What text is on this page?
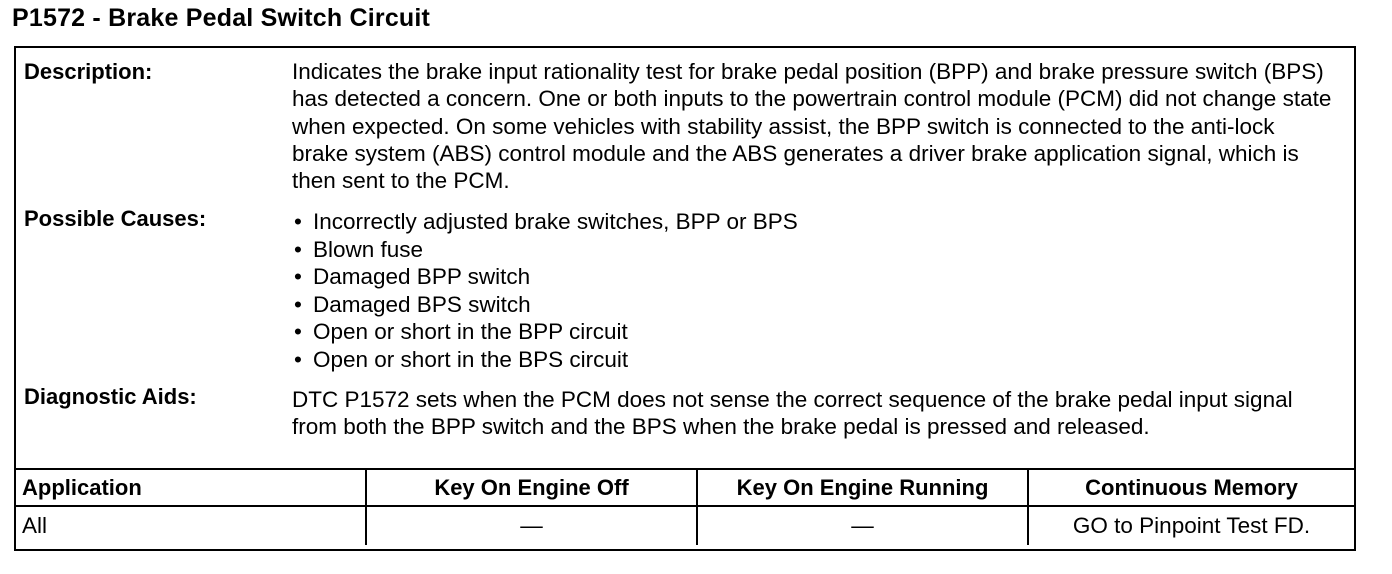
P1572 - Brake Pedal Switch Circuit
Description:	Indicates the brake input rationality test for brake pedal position (BPP) and brake pressure switch (BPS) has detected a concern. One or both inputs to the powertrain control module (PCM) did not change state when expected. On some vehicles with stability assist, the BPP switch is connected to the anti-lock brake system (ABS) control module and the ABS generates a driver brake application signal, which is then sent to the PCM.
Possible Causes:	• Incorrectly adjusted brake switches, BPP or BPS
• Blown fuse
• Damaged BPP switch
• Damaged BPS switch
• Open or short in the BPP circuit
• Open or short in the BPS circuit
Diagnostic Aids:	DTC P1572 sets when the PCM does not sense the correct sequence of the brake pedal input signal from both the BPP switch and the BPS when the brake pedal is pressed and released.
Application	Key On Engine Off	Key On Engine Running	Continuous Memory
All	—	—	GO to Pinpoint Test FD.
